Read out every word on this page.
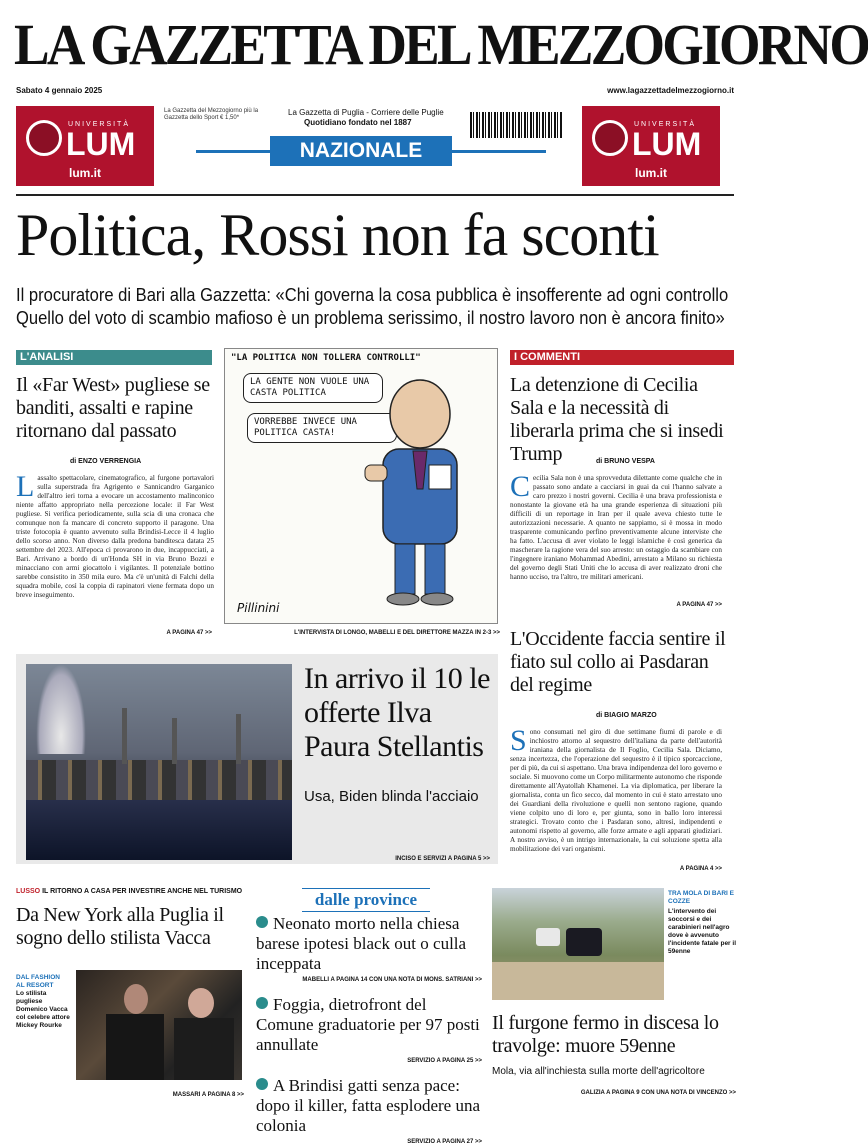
LA GAZZETTA DEL MEZZOGIORNO
Sabato 4 gennaio 2025	www.lagazzettadelmezzogiorno.it
UNIVERSITÀ
LUM
lum.it
UNIVERSITÀ
LUM
lum.it
La Gazzetta del Mezzogiorno più la Gazzetta dello Sport € 1,50*
La Gazzetta di Puglia - Corriere delle Puglie
Quotidiano fondato nel 1887
NAZIONALE
Politica, Rossi non fa sconti
Il procuratore di Bari alla Gazzetta: «Chi governa la cosa pubblica è insofferente ad ogni controllo
Quello del voto di scambio mafioso è un problema serissimo, il nostro lavoro non è ancora finito»
L'ANALISI
Il «Far West» pugliese se banditi, assalti e rapine ritornano dal passato
di ENZO VERRENGIA
Lassalto spettacolare, cinematografico, al furgone portavalori sulla superstrada fra Agrigento e Sannicandro Garganico dell'altro ieri torna a evocare un accostamento malinconico niente affatto appropriato nella percezione locale: il Far West pugliese. Si verifica periodicamente, sulla scia di una cronaca che comunque non fa mancare di concreto supporto il paragone. Una triste fotocopia è quanto avvenuto sulla Brindisi-Lecce il 4 luglio dello scorso anno. Non diverso dalla predona banditesca datata 25 settembre del 2023. All'epoca ci provarono in due, incappucciati, a Bari. Arrivano a bordo di un'Honda SH in via Bruno Bozzi e minacciano con armi giocattolo i vigilantes. Il potenziale bottino sarebbe consistito in 350 mila euro. Ma c'è un'unità di Falchi della squadra mobile, così la coppia di rapinatori viene fermata dopo un breve inseguimento.
A PAGINA 47 >>
"LA POLITICA NON TOLLERA CONTROLLI"
LA GENTE NON VUOLE UNA CASTA POLITICA
VORREBBE INVECE UNA POLITICA CASTA!
Pillinini
L'INTERVISTA DI LONGO, MABELLI E DEL DIRETTORE MAZZA IN 2-3 >>
I COMMENTI
La detenzione di Cecilia Sala e la necessità di liberarla prima che si insedi Trump	di BRUNO VESPA
Cecilia Sala non è una sprovveduta dilettante come qualche che in passato sono andate a cacciarsi in guai da cui l'hanno salvate a caro prezzo i nostri governi. Cecilia è una brava professionista e nonostante la giovane età ha una grande esperienza di situazioni più difficili di un reportage in Iran per il quale aveva chiesto tutte le autorizzazioni necessarie. A quanto ne sappiamo, si è mossa in modo trasparente comunicando perfino preventivamente alcune interviste che ha fatto. L'accusa di aver violato le leggi islamiche è così generica da mascherare la ragione vera del suo arresto: un ostaggio da scambiare con l'ingegnere iraniano Mohammad Abedini, arrestato a Milano su richiesta del governo degli Stati Uniti che lo accusa di aver realizzato droni che hanno ucciso, tra l'altro, tre militari americani.
A PAGINA 47 >>
L'Occidente faccia sentire il fiato sul collo ai Pasdaran del regime
di BIAGIO MARZO
Sono consumati nel giro di due settimane fiumi di parole e di inchiostro attorno al sequestro dell'italiana da parte dell'autorità iraniana della giornalista de Il Foglio, Cecilia Sala. Diciamo, senza incertezza, che l'operazione del sequestro è il tipico sporcaccione, per di più, da cui si aspettano. Una brava indipendenza del loro governo e sociale. Si muovono come un Corpo militarmente autonomo che risponde direttamente all'Ayatollah Khamenei. La via diplomatica, per liberare la giornalista, conta un fico secco, dal momento in cui è stato arrestato uno dei Guardiani della rivoluzione e quelli non sentono ragione, quando viene colpito uno di loro e, per giunta, sono in ballo loro interessi strategici. Trovato conto che i Pasdaran sono, altresì, indipendenti e autonomi rispetto al governo, alle forze armate e agli apparati giudiziari. A nostro avviso, è un intrigo internazionale, la cui soluzione spetta alla mobilitazione dei vari organismi.
A PAGINA 4 >>
In arrivo il 10 le offerte Ilva Paura Stellantis
Usa, Biden blinda l'acciaio
INCISO E SERVIZI A PAGINA 5 >>
LUSSO IL RITORNO A CASA PER INVESTIRE ANCHE NEL TURISMO
Da New York alla Puglia il sogno dello stilista Vacca
DAL FASHION AL RESORT
Lo stilista pugliese Domenico Vacca col celebre attore Mickey Rourke
MASSARI A PAGINA 8 >>
dalle province
Neonato morto nella chiesa barese ipotesi black out o culla inceppata
MABELLI A PAGINA 14 CON UNA NOTA DI MONS. SATRIANI >>
Foggia, dietrofront del Comune graduatorie per 97 posti annullate
SERVIZIO A PAGINA 25 >>
A Brindisi gatti senza pace: dopo il killer, fatta esplodere una colonia
SERVIZIO A PAGINA 27 >>
TRA MOLA DI BARI E COZZE
L'intervento dei soccorsi e dei carabinieri nell'agro dove è avvenuto l'incidente fatale per il 59enne
Il furgone fermo in discesa lo travolge: muore 59enne
Mola, via all'inchiesta sulla morte dell'agricoltore
GALIZIA A PAGINA 9 CON UNA NOTA DI VINCENZO >>
